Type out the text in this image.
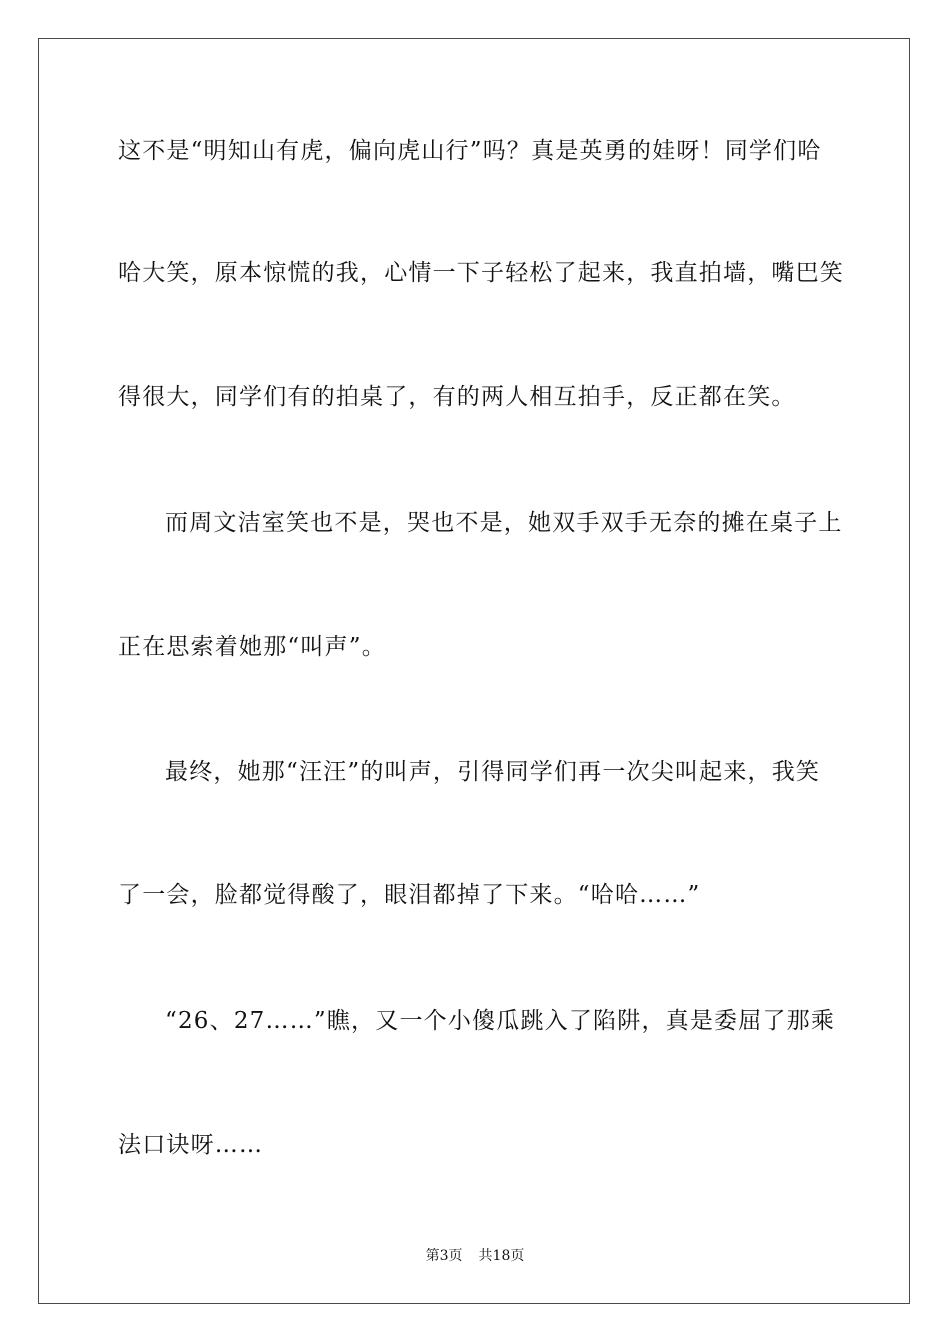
这不是“明知山有虎，偏向虎山行”吗？真是英勇的娃呀！同学们哈
哈大笑，原本惊慌的我，心情一下子轻松了起来，我直拍墙，嘴巴笑
得很大，同学们有的拍桌了，有的两人相互拍手，反正都在笑。
而周文洁室笑也不是，哭也不是，她双手双手无奈的摊在桌子上
正在思索着她那“叫声”。
最终，她那“汪汪”的叫声，引得同学们再一次尖叫起来，我笑
了一会，脸都觉得酸了，眼泪都掉了下来。“哈哈……”
“26、27……”瞧，又一个小傻瓜跳入了陷阱，真是委屈了那乘
法口诀呀……
第3页 共18页
